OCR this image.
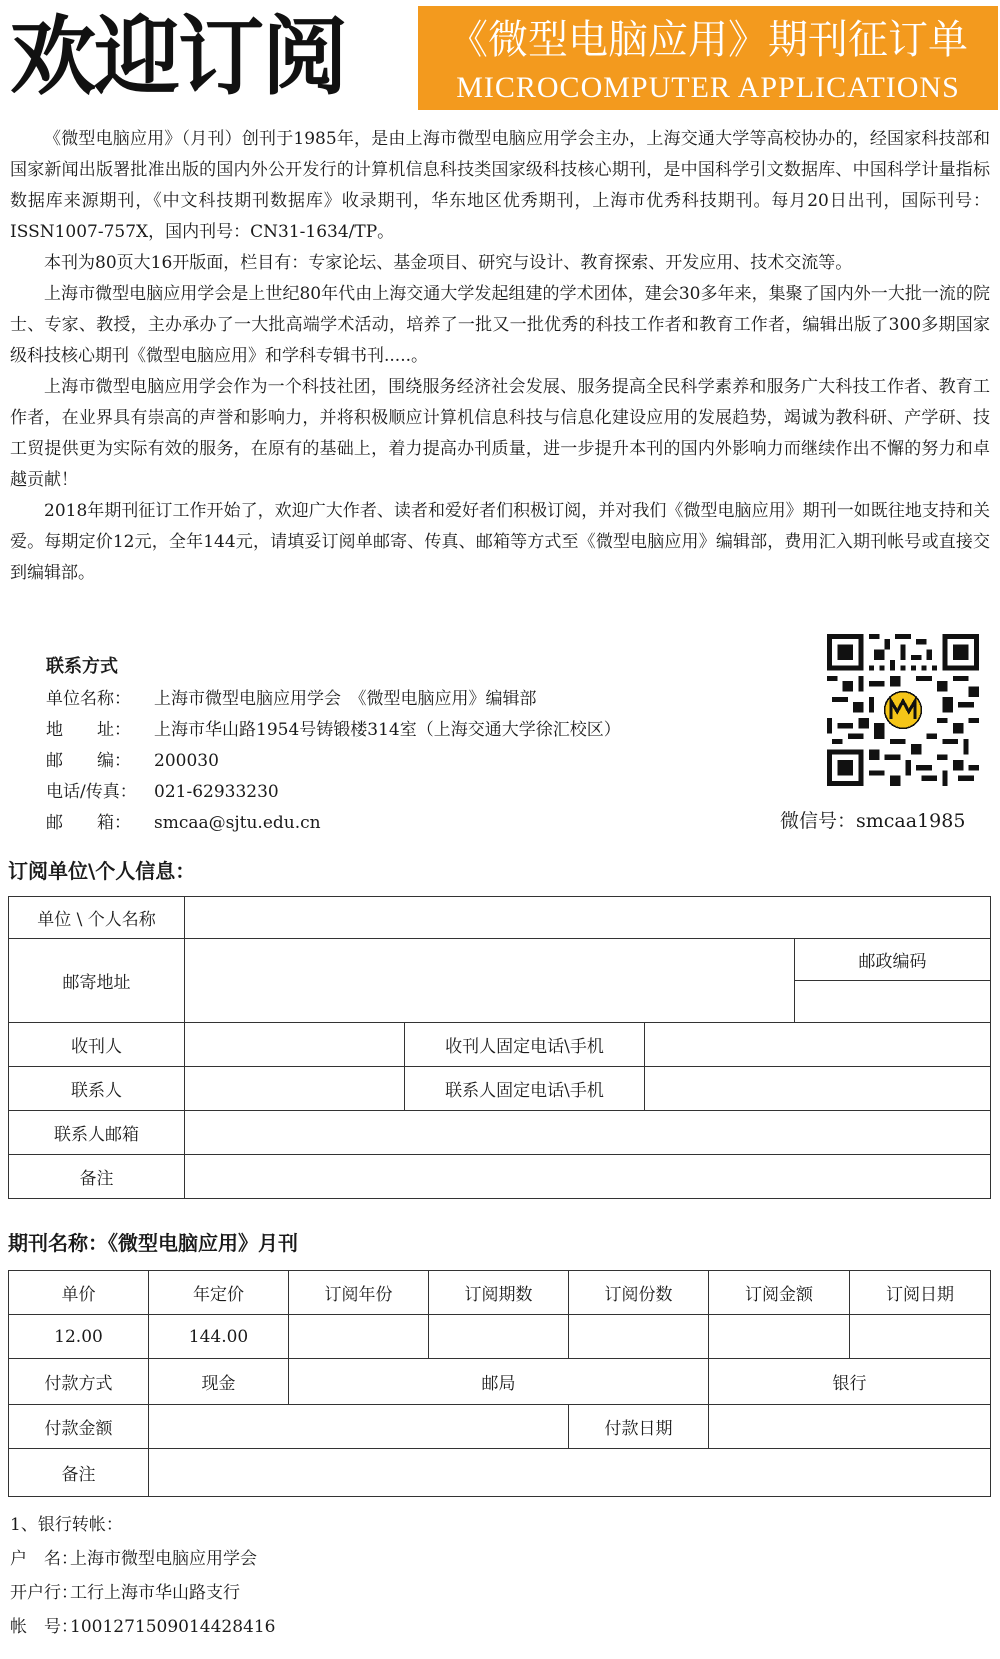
欢迎订阅	《微型电脑应用》期刊征订单
MICROCOMPUTER APPLICATIONS

《微型电脑应用》（月刊）创刊于1985年，是由上海市微型电脑应用学会主办，上海交通大学等高校协办的，经国家科技部和国家新闻出版署批准出版的国内外公开发行的计算机信息科技类国家级科技核心期刊，是中国科学引文数据库、中国科学计量指标数据库来源期刊，《中文科技期刊数据库》收录期刊，华东地区优秀期刊，上海市优秀科技期刊。每月20日出刊，国际刊号：ISSN1007-757X，国内刊号：CN31-1634/TP。

本刊为80页大16开版面，栏目有：专家论坛、基金项目、研究与设计、教育探索、开发应用、技术交流等。

上海市微型电脑应用学会是上世纪80年代由上海交通大学发起组建的学术团体，建会30多年来，集聚了国内外一大批一流的院士、专家、教授，主办承办了一大批高端学术活动，培养了一批又一批优秀的科技工作者和教育工作者，编辑出版了300多期国家级科技核心期刊《微型电脑应用》和学科专辑书刊.....。

上海市微型电脑应用学会作为一个科技社团，围绕服务经济社会发展、服务提高全民科学素养和服务广大科技工作者、教育工作者，在业界具有崇高的声誉和影响力，并将积极顺应计算机信息科技与信息化建设应用的发展趋势，竭诚为教科研、产学研、技工贸提供更为实际有效的服务，在原有的基础上，着力提高办刊质量，进一步提升本刊的国内外影响力而继续作出不懈的努力和卓越贡献！

2018年期刊征订工作开始了，欢迎广大作者、读者和爱好者们积极订阅，并对我们《微型电脑应用》期刊一如既往地支持和关爱。每期定价12元，全年144元，请填妥订阅单邮寄、传真、邮箱等方式至《微型电脑应用》编辑部，费用汇入期刊帐号或直接交到编辑部。

联系方式
单位名称： 上海市微型电脑应用学会　《微型电脑应用》编辑部
地　　址： 上海市华山路1954号铸锻楼314室（上海交通大学徐汇校区）
邮　　编： 200030
电话/传真： 021-62933230
邮　　箱： smcaa@sjtu.edu.cn	微信号：smcaa1985
订阅单位\个人信息：
单位 \ 个人名称				
邮寄地址				邮政编码

收刊人		收刊人固定电话\手机		
联系人		联系人固定电话\手机		
联系人邮箱				
备注				
期刊名称：《微型电脑应用》月刊
单价	年定价	订阅年份	订阅期数	订阅份数	订阅金额	订阅日期
12.00	144.00					
付款方式	现金	邮局			银行	
付款金额				付款日期		
备注						
1、银行转帐：
户　名：上海市微型电脑应用学会
开户行：工行上海市华山路支行
帐　号：1001271509014428416
